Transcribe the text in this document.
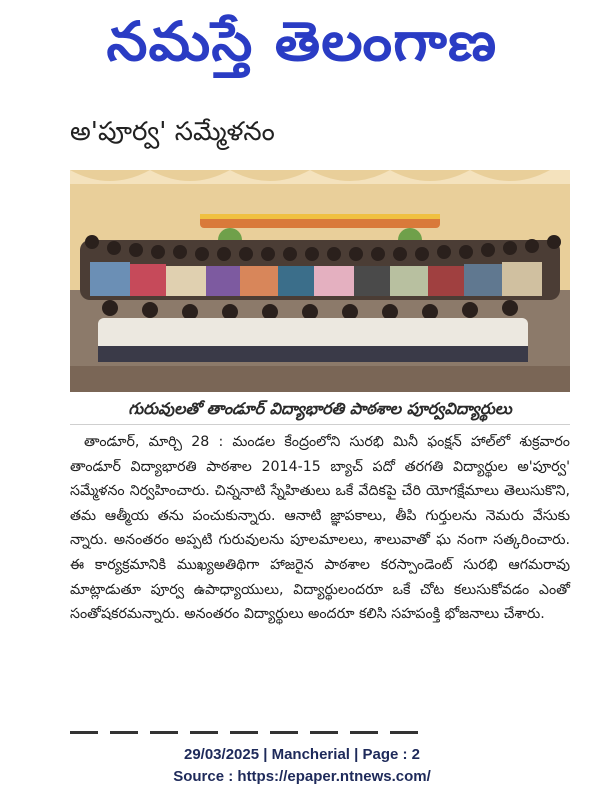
నమస్తే తెలంగాణ
అ'పూర్వ' సమ్మేళనం
గురువులతో తాండూర్ విద్యాభారతి పాఠశాల పూర్వవిద్యార్థులు
తాండూర్, మార్చి 28 : మండల కేంద్రంలోని సురభి మినీ ఫంక్షన్ హాల్‌లో శుక్రవారం తాండూర్ విద్యాభారతి పాఠశాల 2014-15 బ్యాచ్ పదో తరగతి విద్యార్థుల అ'పూర్వ' సమ్మేళనం నిర్వహించారు. చిన్ననాటి స్నేహితులు ఒకే వేదికపై చేరి యోగక్షేమాలు తెలుసుకొని, తమ ఆత్మీయ తను పంచుకున్నారు. ఆనాటి జ్ఞాపకాలు, తీపి గుర్తులను నెమరు వేసుకు న్నారు. అనంతరం అప్పటి గురువులను పూలమాలలు, శాలువాతో ఘ నంగా సత్కరించారు. ఈ కార్యక్రమానికి ముఖ్యఅతిథిగా హాజరైన పాఠశాల కరస్పాండెంట్ సురభి ఆగమరావు మాట్లాడుతూ పూర్వ ఉపాధ్యాయులు, విద్యార్థులందరూ ఒకే చోట కలుసుకోవడం ఎంతో సంతోషకరమన్నారు. అనంతరం విద్యార్థులు అందరూ కలిసి సహపంక్తి భోజనాలు చేశారు.
29/03/2025 | Mancherial | Page : 2
Source : https://epaper.ntnews.com/
